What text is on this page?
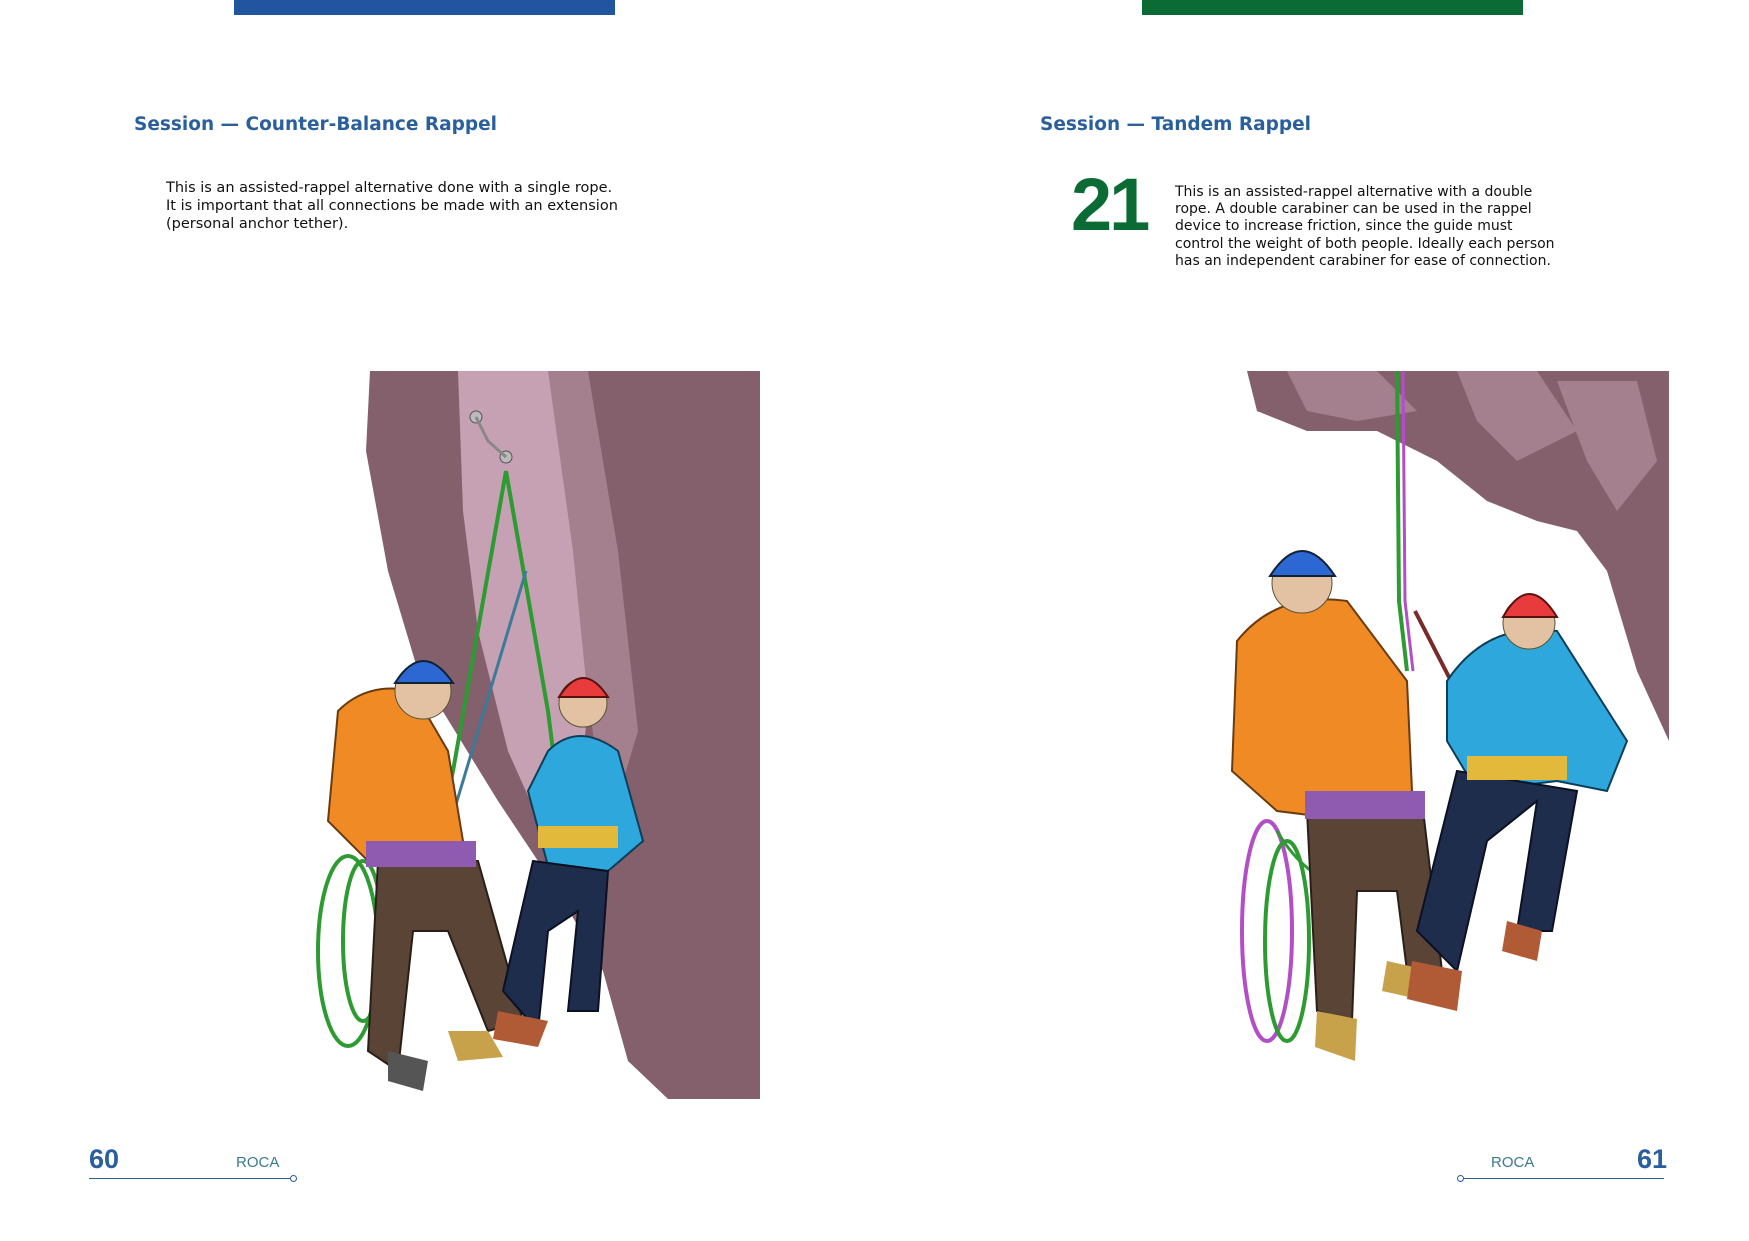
Session — Counter-Balance Rappel

This is an assisted-rappel alternative done with a single rope.
It is important that all connections be made with an extension
(personal anchor tether).

60	ROCA
Session — Tandem Rappel
21 This is an assisted-rappel alternative with a double
rope. A double carabiner can be used in the rappel
device to increase friction, since the guide must
control the weight of both people. Ideally each person
has an independent carabiner for ease of connection.

ROCA	61
